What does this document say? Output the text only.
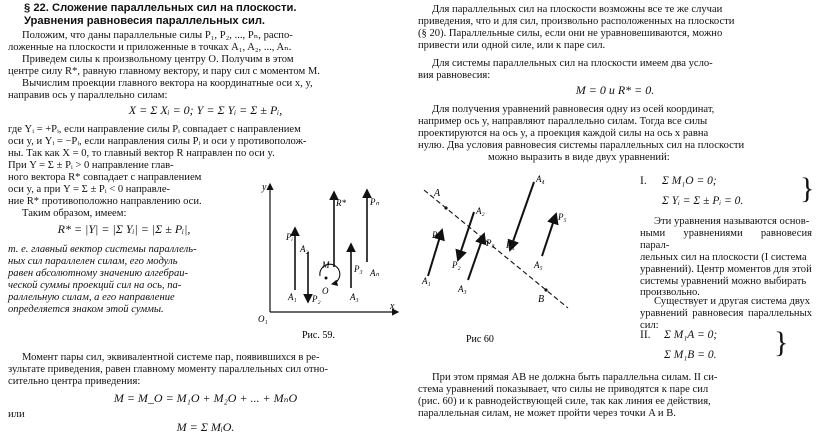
§ 22. Сложение параллельных сил на плоскости.

Уравнения равновесия параллельных сил.

Положим, что даны параллельные силы P₁, P₂, ..., Pₙ, распо-

ложенные на плоскости и приложенные в точках A₁, A₂, ..., Aₙ.

Приведем силы к произвольному центру O. Получим в этом

центре силу R*, равную главному вектору, и пару сил с моментом M.

Вычислим проекции главного вектора на координатные оси x, y,

направив ось y параллельно силам:

X = Σ Xᵢ = 0; Y = Σ Yᵢ = Σ ± Pᵢ,

где Yᵢ = +Pᵢ, если направление силы Pᵢ совпадает с направлением

оси y, и Yᵢ = −Pᵢ, если направления силы Pᵢ и оси y противополож-

ны. Так как X = 0, то главный вектор R направлен по оси y.

При Y = Σ ± Pᵢ > 0 направление глав-

ного вектора R* совпадает с направлением

оси y, а при Y = Σ ± Pᵢ < 0 направле-

ние R* противоположно направлению оси.

Таким образом, имеем:

R* = |Y| = |Σ Yᵢ| = |Σ ± Pᵢ|,

т. е. главный вектор системы параллель-

ных сил параллелен силам, его модуль

равен абсолютному значению алгебраи-

ческой суммы проекций сил на ось, па-

раллельную силам, а его направление

определяется знаком этой суммы.

Момент пары сил, эквивалентной системе пар, появившихся в ре-

зультате приведения, равен главному моменту параллельных сил отно-

сительно центра приведения:

M = M_O = M₁O + M₂O + ... + MₙO

или

M = Σ MᵢO.

y
x
O₁
R*	Pₙ
Pᵢ
A₂
M
O
P₃ Aₙ
A₁ P₂	A₃
Рис. 59.

Для параллельных сил на плоскости возможны все те же случаи

приведения, что и для сил, произвольно расположенных на плоскости

(§ 20). Параллельные силы, если они не уравновешиваются, можно

привести или одной силе, или к паре сил.

Для системы параллельных сил на плоскости имеем два усло-

вия равновесия:

M = 0 и R* = 0.

Для получения уравнений равновесия одну из осей координат,

например ось y, направляют параллельно силам. Тогда все силы

проектируются на ось y, а проекция каждой силы на ось x равна

нулю. Два условия равновесия системы параллельных сил на плоскости

можно выразить в виде двух уравнений:

I. Σ M₁O = 0;
Σ Yᵢ = Σ ± Pᵢ = 0. }

Эти уравнения называются основ-

ными уравнениями равновесия парал-

лельных сил на плоскости (I система

уравнений). Центр моментов для этой

системы уравнений можно выбирать

произвольно.

Существует и другая система двух

уравнений равновесия параллельных сил:

II. Σ M₁A = 0;
Σ M₁B = 0. }

При этом прямая AB не должна быть параллельна силам. II си-

стема уравнений показывает, что силы не приводятся к паре сил

(рис. 60) и к равнодействующей силе, так как линия ее действия,

параллельная силам, не может пройти через точки A и B.

A
B
P₁
A₁
A₂
P₂
P₃
A₃
A₄
P₄
P₅
A₅
Рис 60
